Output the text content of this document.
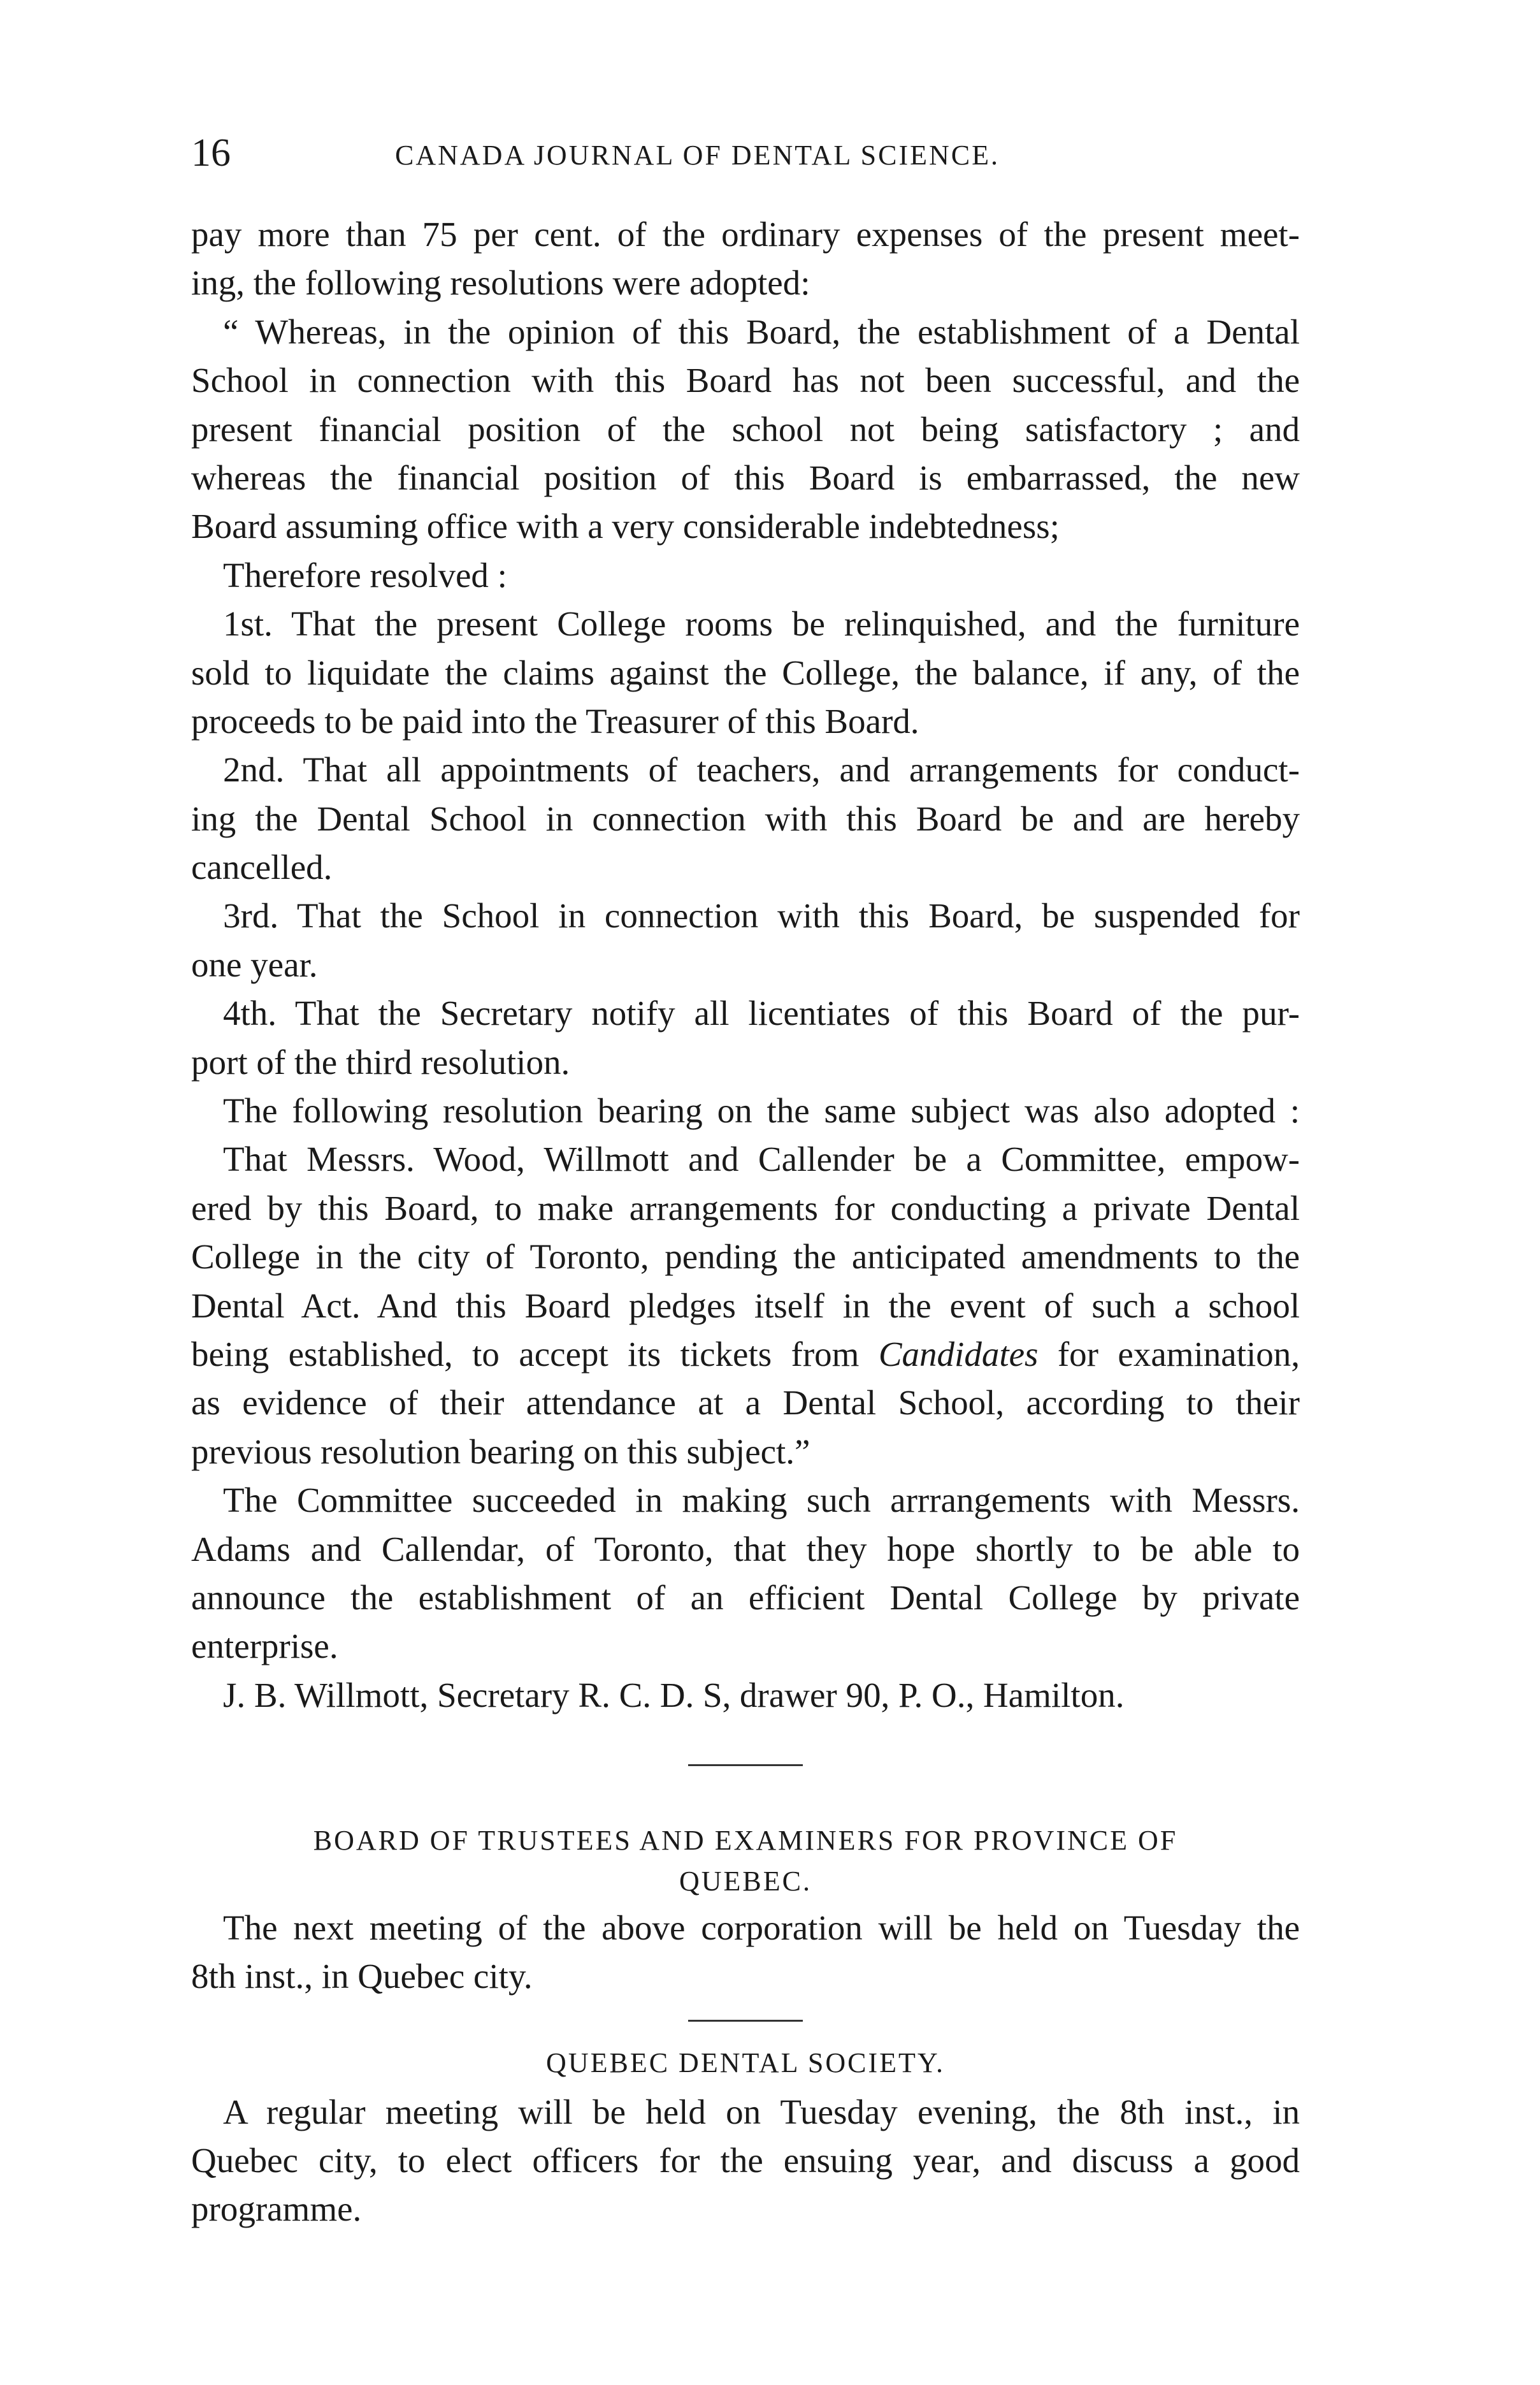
16	CANADA JOURNAL OF DENTAL SCIENCE.
pay more than 75 per cent. of the ordinary expenses of the present meet-
ing, the following resolutions were adopted:
“ Whereas, in the opinion of this Board, the establishment of a Dental
School in connection with this Board has not been successful, and the
present financial position of the school not being satisfactory ; and
whereas the financial position of this Board is embarrassed, the new
Board assuming office with a very considerable indebtedness;
Therefore resolved :
1st. That the present College rooms be relinquished, and the furniture
sold to liquidate the claims against the College, the balance, if any, of the
proceeds to be paid into the Treasurer of this Board.
2nd. That all appointments of teachers, and arrangements for conduct-
ing the Dental School in connection with this Board be and are hereby
cancelled.
3rd. That the School in connection with this Board, be suspended for
one year.
4th. That the Secretary notify all licentiates of this Board of the pur-
port of the third resolution.
The following resolution bearing on the same subject was also adopted :
That Messrs. Wood, Willmott and Callender be a Committee, empow-
ered by this Board, to make arrangements for conducting a private Dental
College in the city of Toronto, pending the anticipated amendments to the
Dental Act. And this Board pledges itself in the event of such a school
being established, to accept its tickets from Candidates for examination,
as evidence of their attendance at a Dental School, according to their
previous resolution bearing on this subject.”
The Committee succeeded in making such arrrangements with Messrs.
Adams and Callendar, of Toronto, that they hope shortly to be able to
announce the establishment of an efficient Dental College by private
enterprise.
J. B. Willmott, Secretary R. C. D. S, drawer 90, P. O., Hamilton.
BOARD OF TRUSTEES AND EXAMINERS FOR PROVINCE OF
QUEBEC.
The next meeting of the above corporation will be held on Tuesday the
8th inst., in Quebec city.
QUEBEC DENTAL SOCIETY.
A regular meeting will be held on Tuesday evening, the 8th inst., in
Quebec city, to elect officers for the ensuing year, and discuss a good
programme.
